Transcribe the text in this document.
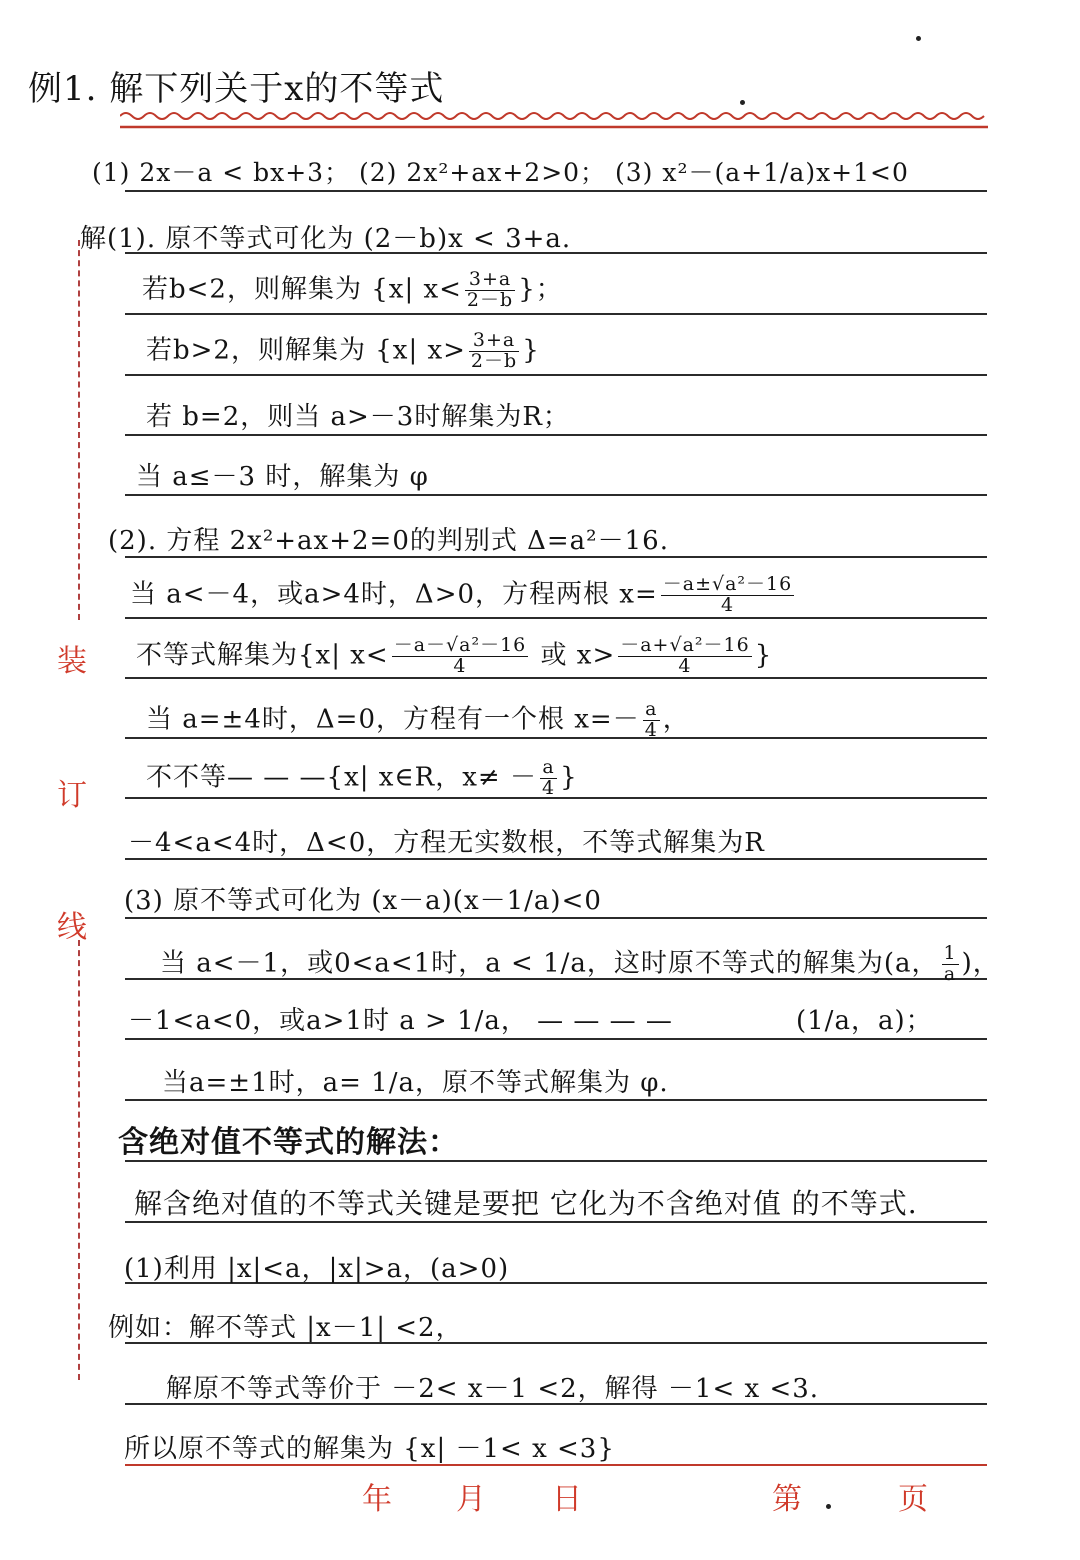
装
订
线
例1. 解下列关于x的不等式
(1) 2x－a < bx+3； (2) 2x²+ax+2>0； (3) x²－(a+1/a)x+1<0
解(1). 原不等式可化为 (2－b)x < 3+a.
若b<2，则解集为 {x| $x< \frac{3+a}{2-b}$ }；
若b>2，则解集为 {x| $x> \frac{3+a}{2-b}$ }
若 b=2，则当 a>－3时解集为R；
当 a≤－3 时，解集为 φ
(2). 方程 2x²+ax+2=0的判别式 Δ=a²－16.
当 a<－4，或a>4时，Δ>0，方程两根 $x= \frac{\text{－a±√a²－16}}{4}$
不等式解集为{x| $x< \frac{\text{－a－√a²－16}}{4}$ 或 $x> \frac{\text{－a+√a²－16}}{4}$ }
当 a=±4时，Δ=0，方程有一个根 $x=- \frac{a}{4}$ ，
不不等— — —{x| x∈R，$x\ne - \frac{a}{4}$ }
－4<a<4时，Δ<0，方程无实数根，不等式解集为R
(3) 原不等式可化为 (x－a)(x－1/a)<0
当 a<－1，或0<a<1时，a < 1/a，这时原不等式的解集为(a， $\frac{1}{a}$ )，
－1<a<0，或a>1时 a > 1/a， — — — —	(1/a，a)；
当a=±1时，a= 1/a，原不等式解集为 φ.
含绝对值不等式的解法：
解含绝对值的不等式关键是要把 它化为不含绝对值 的不等式.
(1)利用 |x|<a，|x|>a，(a>0)
例如：解不等式 |x－1| <2，
解原不等式等价于 －2< x－1 <2，解得 －1< x <3.
所以原不等式的解集为 {x| －1< x <3}
年 月 日	第	页
